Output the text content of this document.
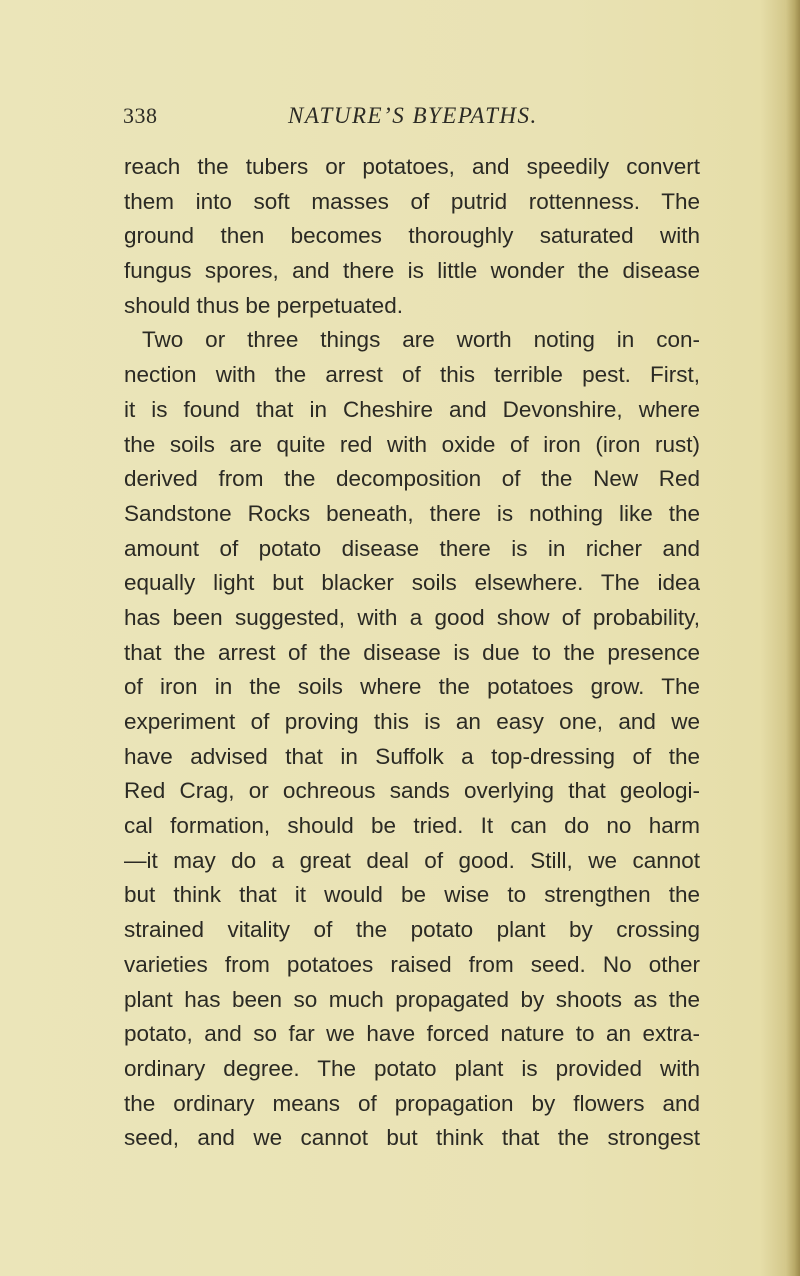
338	NATURE’S BYEPATHS.
reach the tubers or potatoes, and speedily convert
them into soft masses of putrid rottenness. The
ground then becomes thoroughly saturated with
fungus spores, and there is little wonder the disease
should thus be perpetuated.
Two or three things are worth noting in con-
nection with the arrest of this terrible pest. First,
it is found that in Cheshire and Devonshire, where
the soils are quite red with oxide of iron (iron rust)
derived from the decomposition of the New Red
Sandstone Rocks beneath, there is nothing like the
amount of potato disease there is in richer and
equally light but blacker soils elsewhere. The idea
has been suggested, with a good show of probability,
that the arrest of the disease is due to the presence
of iron in the soils where the potatoes grow. The
experiment of proving this is an easy one, and we
have advised that in Suffolk a top-dressing of the
Red Crag, or ochreous sands overlying that geologi-
cal formation, should be tried. It can do no harm
—it may do a great deal of good. Still, we cannot
but think that it would be wise to strengthen the
strained vitality of the potato plant by crossing
varieties from potatoes raised from seed. No other
plant has been so much propagated by shoots as the
potato, and so far we have forced nature to an extra-
ordinary degree. The potato plant is provided with
the ordinary means of propagation by flowers and
seed, and we cannot but think that the strongest
